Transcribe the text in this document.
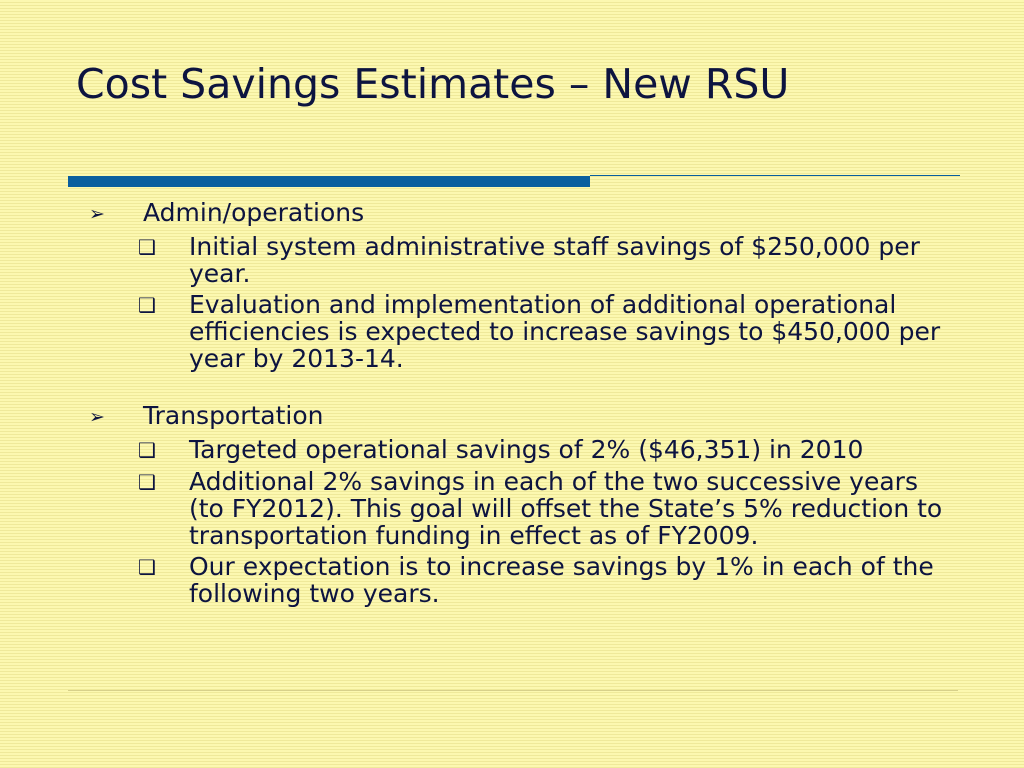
Cost Savings Estimates – New RSU
➢	Admin/operations
❑	Initial system administrative staff savings of $250,000 per year.
❑	Evaluation and implementation of additional operational efficiencies is expected to increase savings to $450,000 per year by 2013-14.
➢	Transportation
❑	Targeted operational savings of 2% ($46,351) in 2010
❑	Additional 2% savings in each of the two successive years (to FY2012). This goal will offset the State’s 5% reduction to transportation funding in effect as of FY2009.
❑	Our expectation is to increase savings by 1% in each of the following two years.
